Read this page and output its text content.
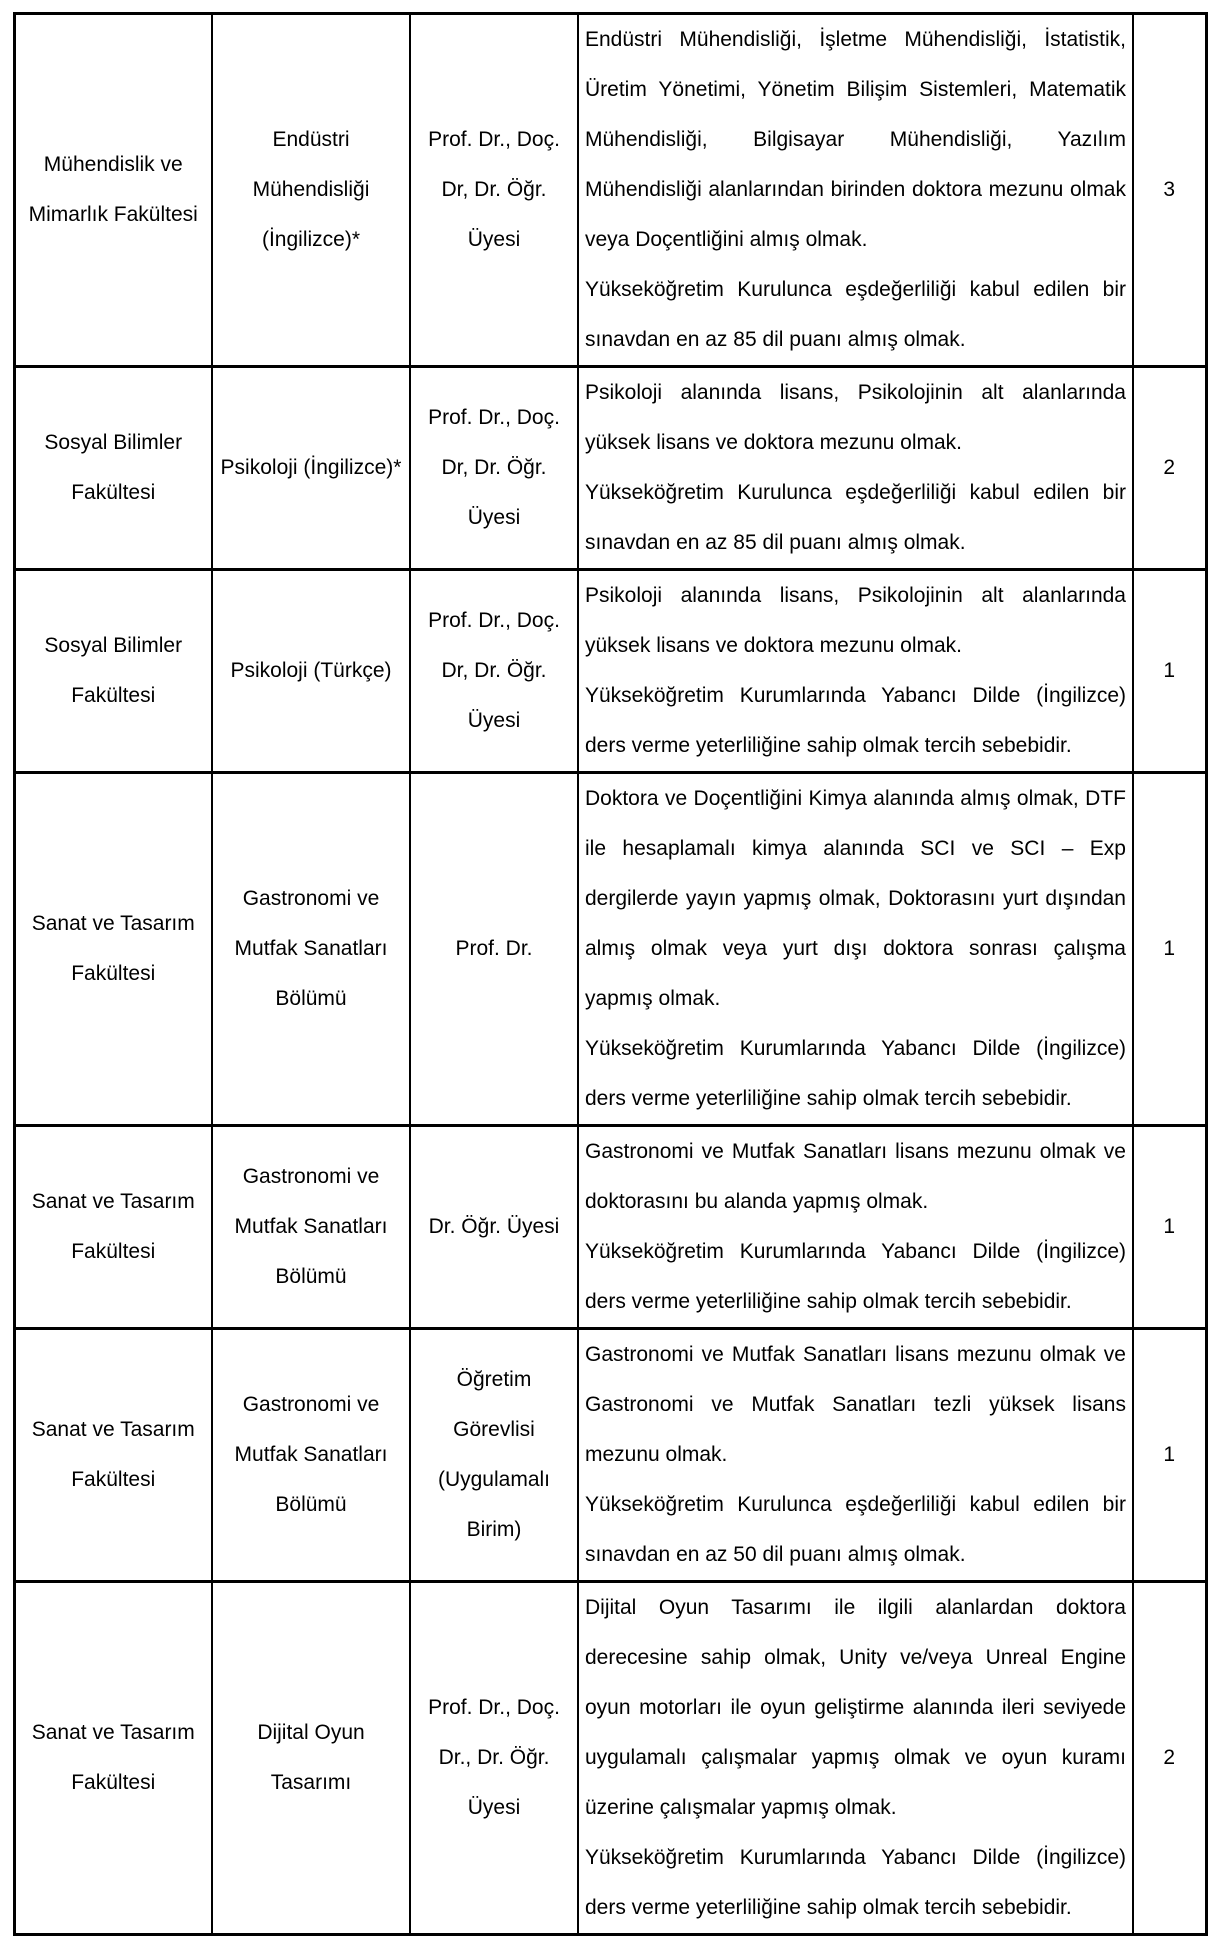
Mühendislik ve Mimarlık Fakültesi	Endüstri Mühendisliği (İngilizce)*	Prof. Dr., Doç. Dr, Dr. Öğr. Üyesi	Endüstri Mühendisliği, İşletme Mühendisliği, İstatistik, Üretim Yönetimi, Yönetim Bilişim Sistemleri, Matematik Mühendisliği, Bilgisayar Mühendisliği, Yazılım Mühendisliği alanlarından birinden doktora mezunu olmak veya Doçentliğini almış olmak.

Yükseköğretim Kurulunca eşdeğerliliği kabul edilen bir sınavdan en az 85 dil puanı almış olmak.	3
Sosyal Bilimler Fakültesi	Psikoloji (İngilizce)*	Prof. Dr., Doç. Dr, Dr. Öğr. Üyesi	Psikoloji alanında lisans, Psikolojinin alt alanlarında yüksek lisans ve doktora mezunu olmak.

Yükseköğretim Kurulunca eşdeğerliliği kabul edilen bir sınavdan en az 85 dil puanı almış olmak.	2
Sosyal Bilimler Fakültesi	Psikoloji (Türkçe)	Prof. Dr., Doç. Dr, Dr. Öğr. Üyesi	Psikoloji alanında lisans, Psikolojinin alt alanlarında yüksek lisans ve doktora mezunu olmak.

Yükseköğretim Kurumlarında Yabancı Dilde (İngilizce) ders verme yeterliliğine sahip olmak tercih sebebidir.	1
Sanat ve Tasarım Fakültesi	Gastronomi ve Mutfak Sanatları Bölümü	Prof. Dr.	Doktora ve Doçentliğini Kimya alanında almış olmak, DTF ile hesaplamalı kimya alanında SCI ve SCI – Exp dergilerde yayın yapmış olmak, Doktorasını yurt dışından almış olmak veya yurt dışı doktora sonrası çalışma yapmış olmak.

Yükseköğretim Kurumlarında Yabancı Dilde (İngilizce) ders verme yeterliliğine sahip olmak tercih sebebidir.	1
Sanat ve Tasarım Fakültesi	Gastronomi ve Mutfak Sanatları Bölümü	Dr. Öğr. Üyesi	Gastronomi ve Mutfak Sanatları lisans mezunu olmak ve doktorasını bu alanda yapmış olmak.

Yükseköğretim Kurumlarında Yabancı Dilde (İngilizce) ders verme yeterliliğine sahip olmak tercih sebebidir.	1
Sanat ve Tasarım Fakültesi	Gastronomi ve Mutfak Sanatları Bölümü	Öğretim Görevlisi (Uygulamalı Birim)	Gastronomi ve Mutfak Sanatları lisans mezunu olmak ve Gastronomi ve Mutfak Sanatları tezli yüksek lisans mezunu olmak.

Yükseköğretim Kurulunca eşdeğerliliği kabul edilen bir sınavdan en az 50 dil puanı almış olmak.	1
Sanat ve Tasarım Fakültesi	Dijital Oyun Tasarımı	Prof. Dr., Doç. Dr., Dr. Öğr. Üyesi	Dijital Oyun Tasarımı ile ilgili alanlardan doktora derecesine sahip olmak, Unity ve/veya Unreal Engine oyun motorları ile oyun geliştirme alanında ileri seviyede uygulamalı çalışmalar yapmış olmak ve oyun kuramı üzerine çalışmalar yapmış olmak.

Yükseköğretim Kurumlarında Yabancı Dilde (İngilizce) ders verme yeterliliğine sahip olmak tercih sebebidir.	2
